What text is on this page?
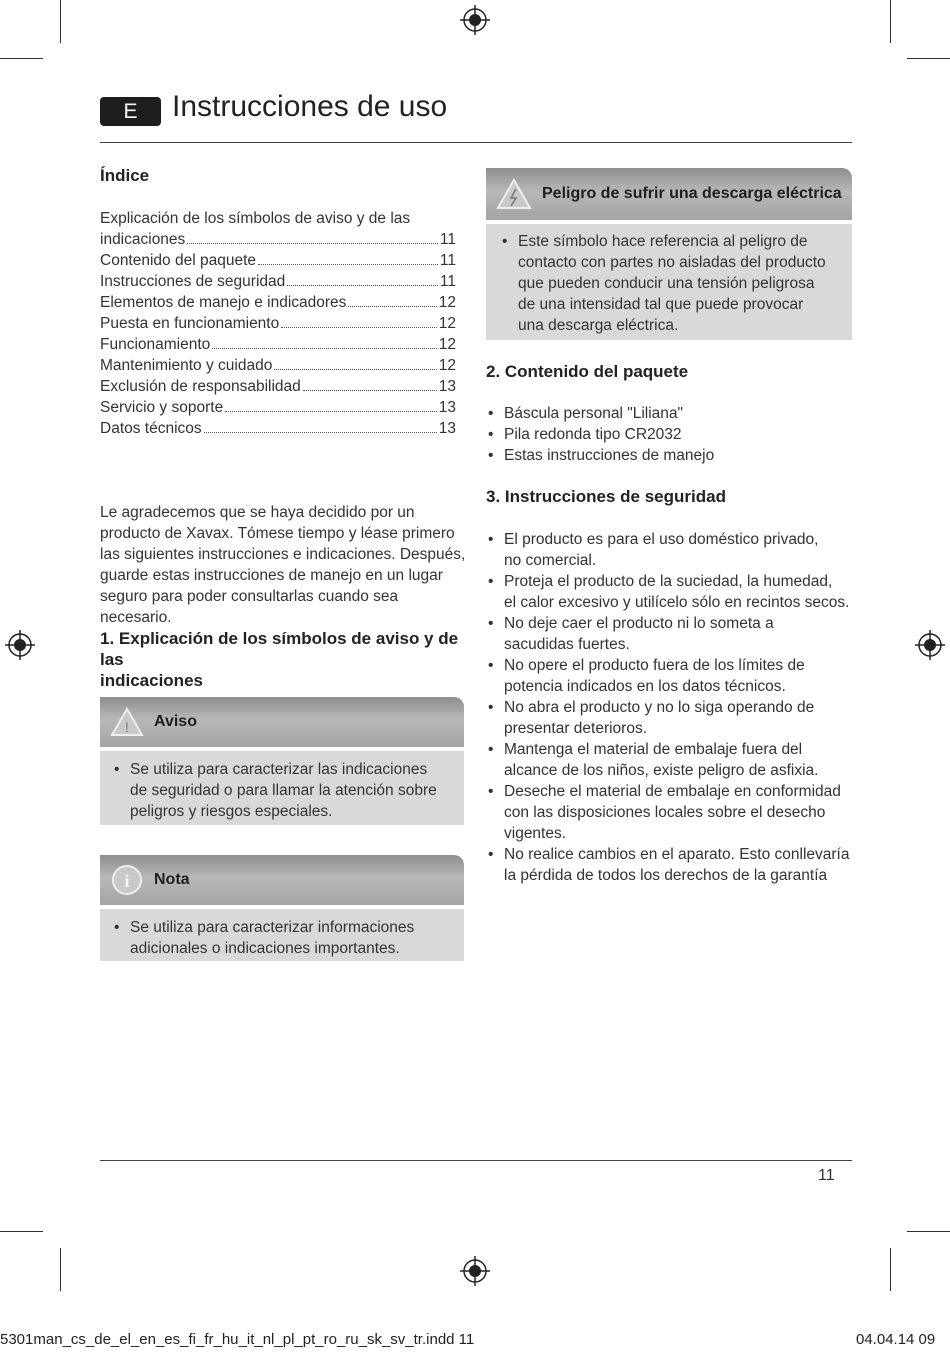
E	Instrucciones de uso
Índice
Explicación de los símbolos de aviso y de las
indicaciones	11
Contenido del paquete	11
Instrucciones de seguridad	11
Elementos de manejo e indicadores	12
Puesta en funcionamiento	12
Funcionamiento	12
Mantenimiento y cuidado	12
Exclusión de responsabilidad	13
Servicio y soporte	13
Datos técnicos	13
Le agradecemos que se haya decidido por un
producto de Xavax. Tómese tiempo y léase primero
las siguientes instrucciones e indicaciones. Después,
guarde estas instrucciones de manejo en un lugar
seguro para poder consultarlas cuando sea necesario.
1. Explicación de los símbolos de aviso y de las
indicaciones
! Aviso
• Se utiliza para caracterizar las indicaciones
de seguridad o para llamar la atención sobre
peligros y riesgos especiales.
i Nota
• Se utiliza para caracterizar informaciones
adicionales o indicaciones importantes.
Peligro de sufrir una descarga eléctrica
• Este símbolo hace referencia al peligro de
contacto con partes no aisladas del producto
que pueden conducir una tensión peligrosa
de una intensidad tal que puede provocar
una descarga eléctrica.
2. Contenido del paquete
• Báscula personal "Liliana"
• Pila redonda tipo CR2032
• Estas instrucciones de manejo
3. Instrucciones de seguridad
• El producto es para el uso doméstico privado,
no comercial.
• Proteja el producto de la suciedad, la humedad,
el calor excesivo y utilícelo sólo en recintos secos.
• No deje caer el producto ni lo someta a
sacudidas fuertes.
• No opere el producto fuera de los límites de
potencia indicados en los datos técnicos.
• No abra el producto y no lo siga operando de
presentar deterioros.
• Mantenga el material de embalaje fuera del
alcance de los niños, existe peligro de asfixia.
• Deseche el material de embalaje en conformidad
con las disposiciones locales sobre el desecho
vigentes.
• No realice cambios en el aparato. Esto conllevaría
la pérdida de todos los derechos de la garantía
11
5301man_cs_de_el_en_es_fi_fr_hu_it_nl_pl_pt_ro_ru_sk_sv_tr.indd 11	04.04.14 09
